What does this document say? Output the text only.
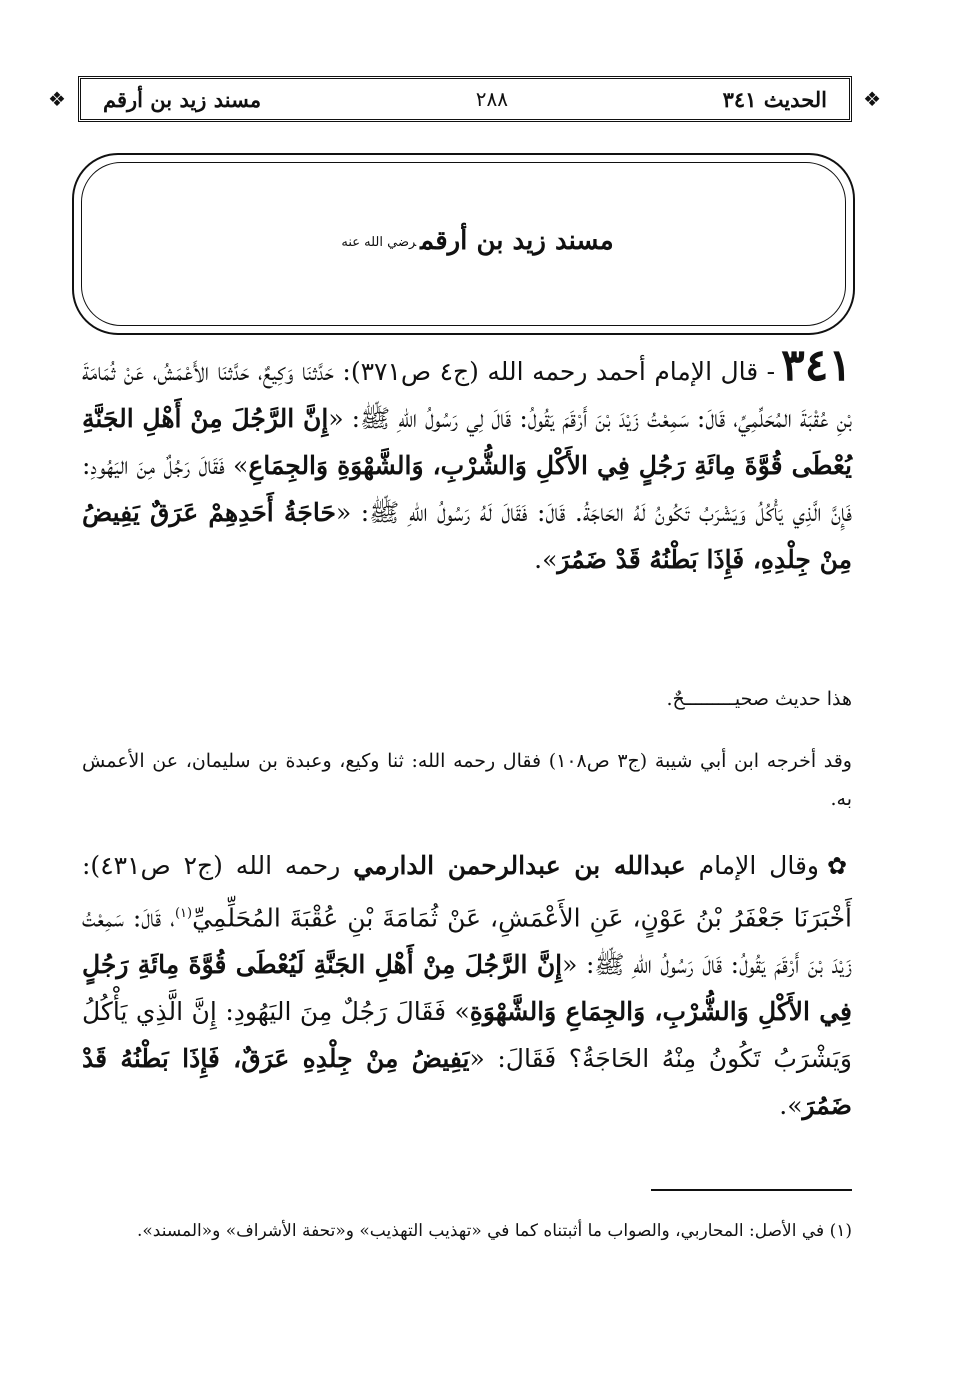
❖	❖
الحديث ٣٤١
٢٨٨
مسند زيد بن أرقم
مسند زيد بن أرقمرضي الله عنه
٣٤١- قال الإمام أحمد رحمه الله (ج٤ ص٣٧١): حَدَّثنَا وَكِيعٌ، حَدَّثنَا الأَعْمَشُ، عَنْ ثُمَامَةَ بْنِ عُقْبَةَ المُحَلِّمِيِّ، قَالَ: سَمِعْتُ زَيْدَ بْنَ أَرْقَمَ يَقُولُ: قَالَ لِي رَسُولُ اللهِ ﷺ: «إِنَّ الرَّجُلَ مِنْ أَهْلِ الجَنَّةِ يُعْطَى قُوَّةَ مِائَةِ رَجُلٍ فِي الأَكْلِ وَالشُّرْبِ، وَالشَّهْوَةِ وَالجِمَاعِ» فَقَالَ رَجُلٌ مِنَ اليَهُودِ: فَإِنَّ الَّذِي يَأْكُلُ وَيَشْرَبُ تَكُونُ لَهُ الحَاجَةُ. قَالَ: فَقَالَ لَهُ رَسُولُ اللهِ ﷺ: «حَاجَةُ أَحَدِهِمْ عَرَقٌ يَفِيضُ مِنْ جِلْدِهِ، فَإِذَا بَطْنُهُ قَدْ ضَمُرَ».
هذا حديث صحيـــــــــحٌ.
وقد أخرجه ابن أبي شيبة (ج٣ ص١٠٨) فقال رحمه الله: ثنا وكيع، وعبدة بن سليمان، عن الأعمش به.
✿وقال الإمام عبدالله بن عبدالرحمن الدارمي رحمه الله (ج٢ ص٤٣١): أَخْبَرَنَا جَعْفَرُ بْنُ عَوْنٍ، عَنِ الأَعْمَشِ، عَنْ ثُمَامَةَ بْنِ عُقْبَةَ المُحَلِّمِيِّ$^{(١)}$، قَالَ: سَمِعْتُ زَيْدَ بْنَ أَرْقَمَ يَقُولُ: قَالَ رَسُولُ اللهِ ﷺ: «إِنَّ الرَّجُلَ مِنْ أَهْلِ الجَنَّةِ لَيُعْطَى قُوَّةَ مِائَةِ رَجُلٍ فِي الأَكْلِ وَالشُّرْبِ، وَالجِمَاعِ وَالشَّهْوَةِ» فَقَالَ رَجُلٌ مِنَ اليَهُودِ: إِنَّ الَّذِي يَأْكُلُ وَيَشْرَبُ تَكُونُ مِنْهُ الحَاجَةُ؟ فَقَالَ: «يَفِيضُ مِنْ جِلْدِهِ عَرَقٌ، فَإِذَا بَطْنُهُ قَدْ ضَمُرَ».
(١) في الأصل: المحاربي، والصواب ما أثبتناه كما في «تهذيب التهذيب» و«تحفة الأشراف» و«المسند».
